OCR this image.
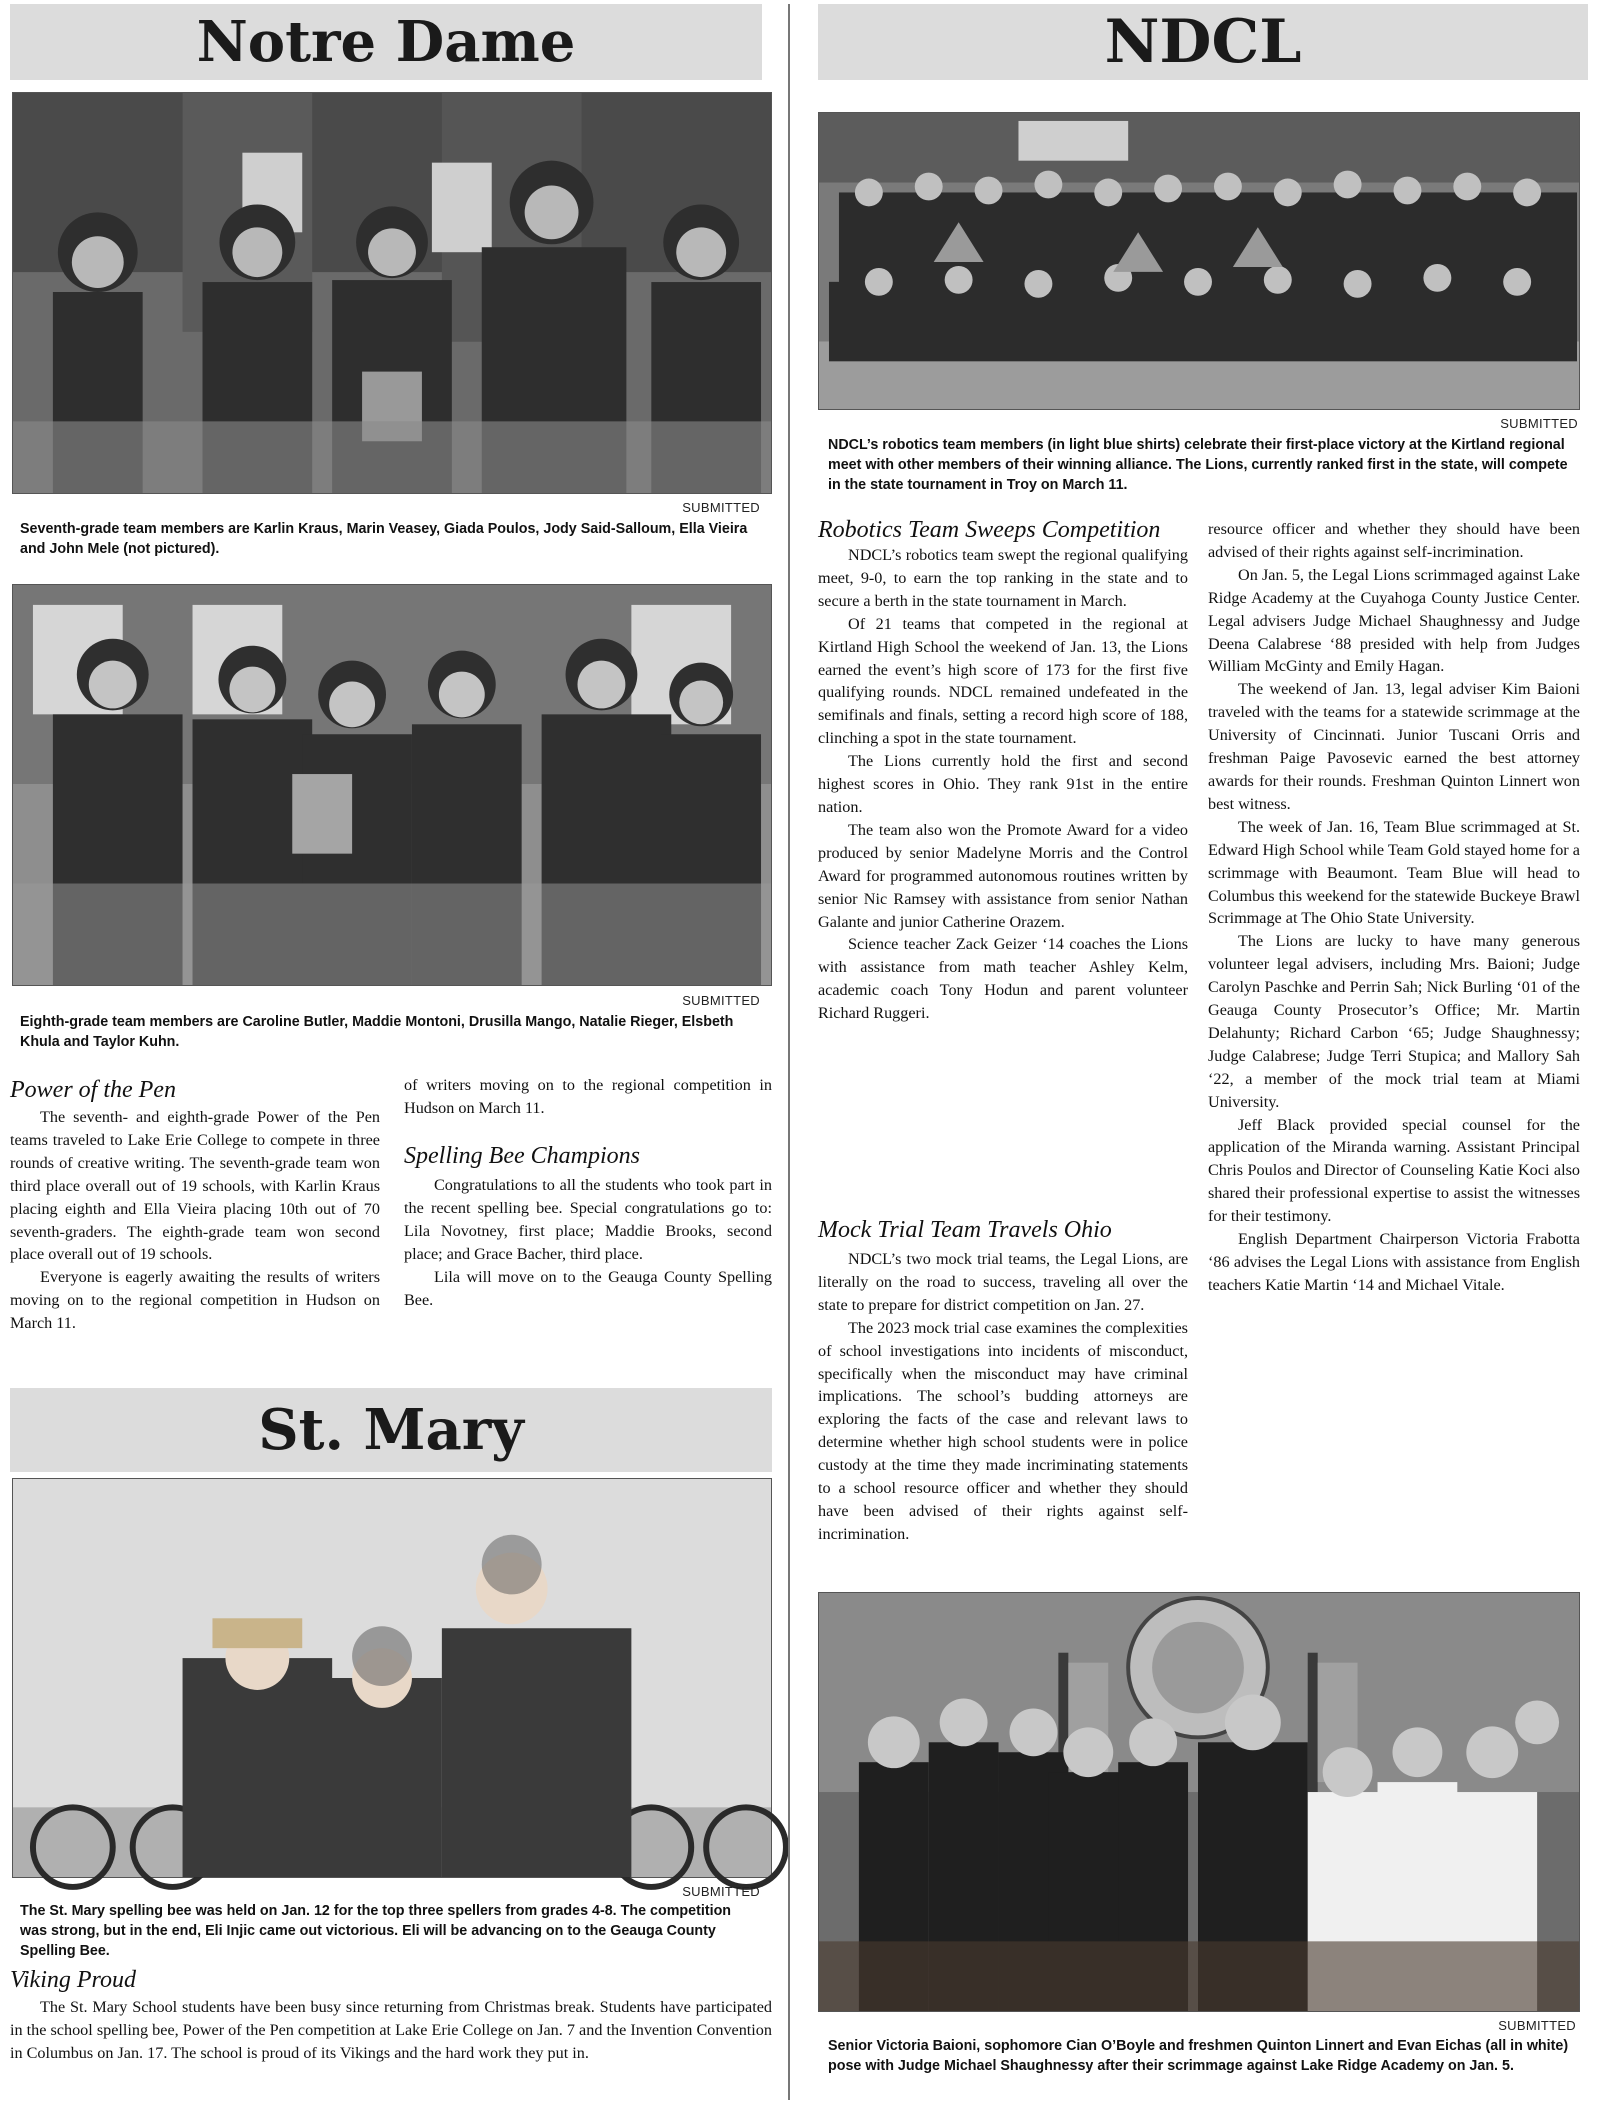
Notre Dame
SUBMITTED
Seventh-grade team members are Karlin Kraus, Marin Veasey, Giada Poulos, Jody Said-Salloum, Ella Vieira and John Mele (not pictured).
SUBMITTED
Eighth-grade team members are Caroline Butler, Maddie Montoni, Drusilla Mango, Natalie Rieger, Elsbeth Khula and Taylor Kuhn.
Power of the Pen

The seventh- and eighth-grade Power of the Pen teams traveled to Lake Erie College to compete in three rounds of creative writing. The seventh-grade team won third place overall out of 19 schools, with Karlin Kraus placing eighth and Ella Vieira placing 10th out of 70 seventh-graders. The eighth-grade team won second place overall out of 19 schools.

Everyone is eagerly awaiting the results of writers moving on to the regional competition in Hudson on March 11.

of writers moving on to the regional competition in Hudson on March 11.

Spelling Bee Champions

Congratulations to all the students who took part in the recent spelling bee. Special congratulations go to: Lila Novotney, first place; Maddie Brooks, second place; and Grace Bacher, third place.

Lila will move on to the Geauga County Spelling Bee.

St. Mary
SUBMITTED
The St. Mary spelling bee was held on Jan. 12 for the top three spellers from grades 4-8. The competition was strong, but in the end, Eli Injic came out victorious. Eli will be advancing on to the Geauga County Spelling Bee.
Viking Proud

The St. Mary School students have been busy since returning from Christmas break. Students have participated in the school spelling bee, Power of the Pen competition at Lake Erie College on Jan. 7 and the Invention Convention in Columbus on Jan. 17. The school is proud of its Vikings and the hard work they put in.

NDCL
SUBMITTED
NDCL’s robotics team members (in light blue shirts) celebrate their first-place victory at the Kirtland regional meet with other members of their winning alliance. The Lions, currently ranked first in the state, will compete in the state tournament in Troy on March 11.
Robotics Team Sweeps Competition

NDCL’s robotics team swept the regional qualifying meet, 9-0, to earn the top ranking in the state and to secure a berth in the state tournament in March.

Of 21 teams that competed in the regional at Kirtland High School the weekend of Jan. 13, the Lions earned the event’s high score of 173 for the first five qualifying rounds. NDCL remained undefeated in the semifinals and finals, setting a record high score of 188, clinching a spot in the state tournament.

The Lions currently hold the first and second highest scores in Ohio. They rank 91st in the entire nation.

The team also won the Promote Award for a video produced by senior Madelyne Morris and the Control Award for programmed autonomous routines written by senior Nic Ramsey with assistance from senior Nathan Galante and junior Catherine Orazem.

Science teacher Zack Geizer ‘14 coaches the Lions with assistance from math teacher Ashley Kelm, academic coach Tony Hodun and parent volunteer Richard Ruggeri.

Mock Trial Team Travels Ohio

NDCL’s two mock trial teams, the Legal Lions, are literally on the road to success, traveling all over the state to prepare for district competition on Jan. 27.

The 2023 mock trial case examines the complexities of school investigations into incidents of misconduct, specifically when the misconduct may have criminal implications. The school’s budding attorneys are exploring the facts of the case and relevant laws to determine whether high school students were in police custody at the time they made incriminating statements to a school resource officer and whether they should have been advised of their rights against self-incrimination.

resource officer and whether they should have been advised of their rights against self-incrimination.

On Jan. 5, the Legal Lions scrimmaged against Lake Ridge Academy at the Cuyahoga County Justice Center. Legal advisers Judge Michael Shaughnessy and Judge Deena Calabrese ‘88 presided with help from Judges William McGinty and Emily Hagan.

The weekend of Jan. 13, legal adviser Kim Baioni traveled with the teams for a statewide scrimmage at the University of Cincinnati. Junior Tuscani Orris and freshman Paige Pavosevic earned the best attorney awards for their rounds. Freshman Quinton Linnert won best witness.

The week of Jan. 16, Team Blue scrimmaged at St. Edward High School while Team Gold stayed home for a scrimmage with Beaumont. Team Blue will head to Columbus this weekend for the statewide Buckeye Brawl Scrimmage at The Ohio State University.

The Lions are lucky to have many generous volunteer legal advisers, including Mrs. Baioni; Judge Carolyn Paschke and Perrin Sah; Nick Burling ‘01 of the Geauga County Prosecutor’s Office; Mr. Martin Delahunty; Richard Carbon ‘65; Judge Shaughnessy; Judge Calabrese; Judge Terri Stupica; and Mallory Sah ‘22, a member of the mock trial team at Miami University.

Jeff Black provided special counsel for the application of the Miranda warning. Assistant Principal Chris Poulos and Director of Counseling Katie Koci also shared their professional expertise to assist the witnesses for their testimony.

English Department Chairperson Victoria Frabotta ‘86 advises the Legal Lions with assistance from English teachers Katie Martin ‘14 and Michael Vitale.

SUBMITTED
Senior Victoria Baioni, sophomore Cian O’Boyle and freshmen Quinton Linnert and Evan Eichas (all in white) pose with Judge Michael Shaughnessy after their scrimmage against Lake Ridge Academy on Jan. 5.
